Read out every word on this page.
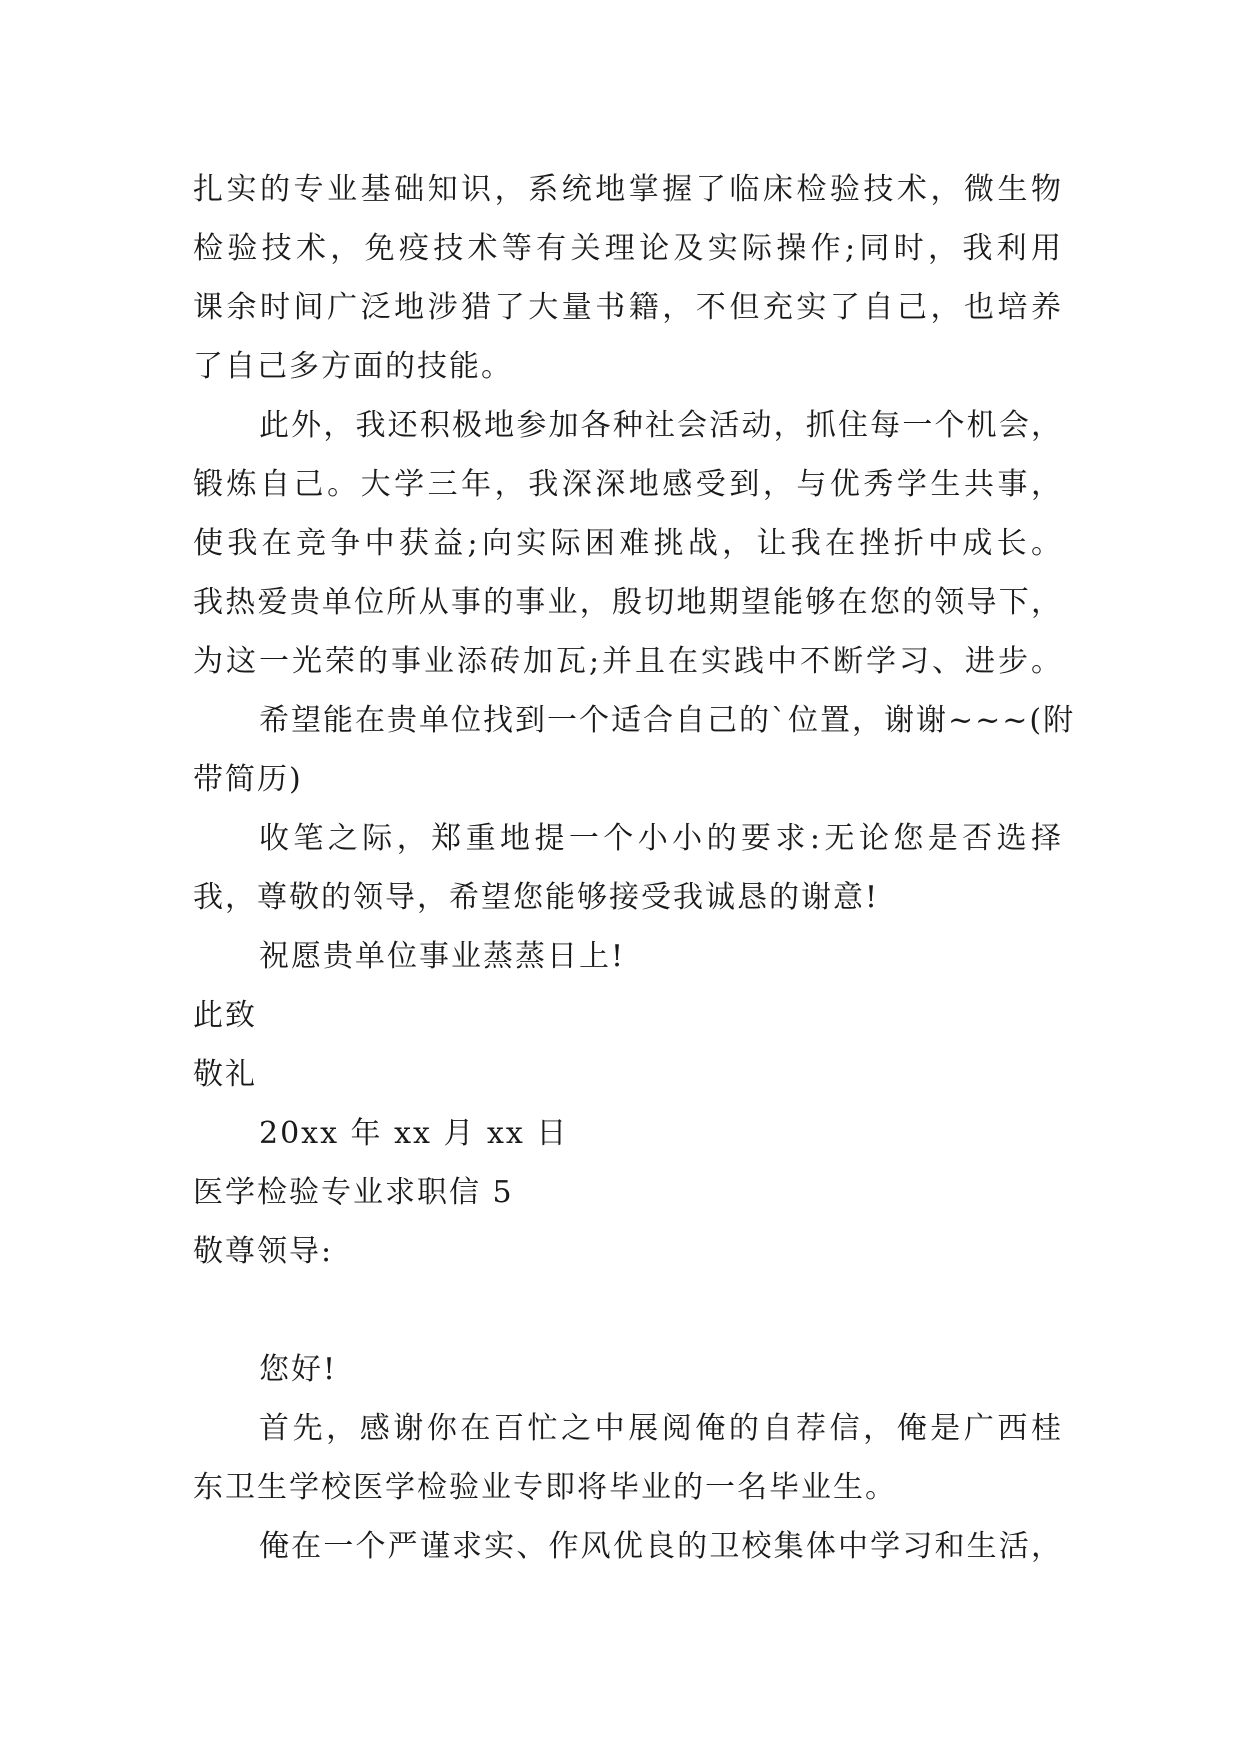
扎实的专业基础知识，系统地掌握了临床检验技术，微生物
检验技术，免疫技术等有关理论及实际操作;同时，我利用
课余时间广泛地涉猎了大量书籍，不但充实了自己，也培养
了自己多方面的技能。
此外，我还积极地参加各种社会活动，抓住每一个机会，
锻炼自己。大学三年，我深深地感受到，与优秀学生共事，
使我在竞争中获益;向实际困难挑战，让我在挫折中成长。
我热爱贵单位所从事的事业，殷切地期望能够在您的领导下，
为这一光荣的事业添砖加瓦;并且在实践中不断学习、进步。
希望能在贵单位找到一个适合自己的`位置，谢谢~~~(附
带简历)
收笔之际，郑重地提一个小小的要求:无论您是否选择
我，尊敬的领导，希望您能够接受我诚恳的谢意!
祝愿贵单位事业蒸蒸日上!
此致
敬礼
20xx 年 xx 月 xx 日
医学检验专业求职信 5
敬尊领导:
您好!
首先，感谢你在百忙之中展阅俺的自荐信，俺是广西桂
东卫生学校医学检验业专即将毕业的一名毕业生。
俺在一个严谨求实、作风优良的卫校集体中学习和生活，
